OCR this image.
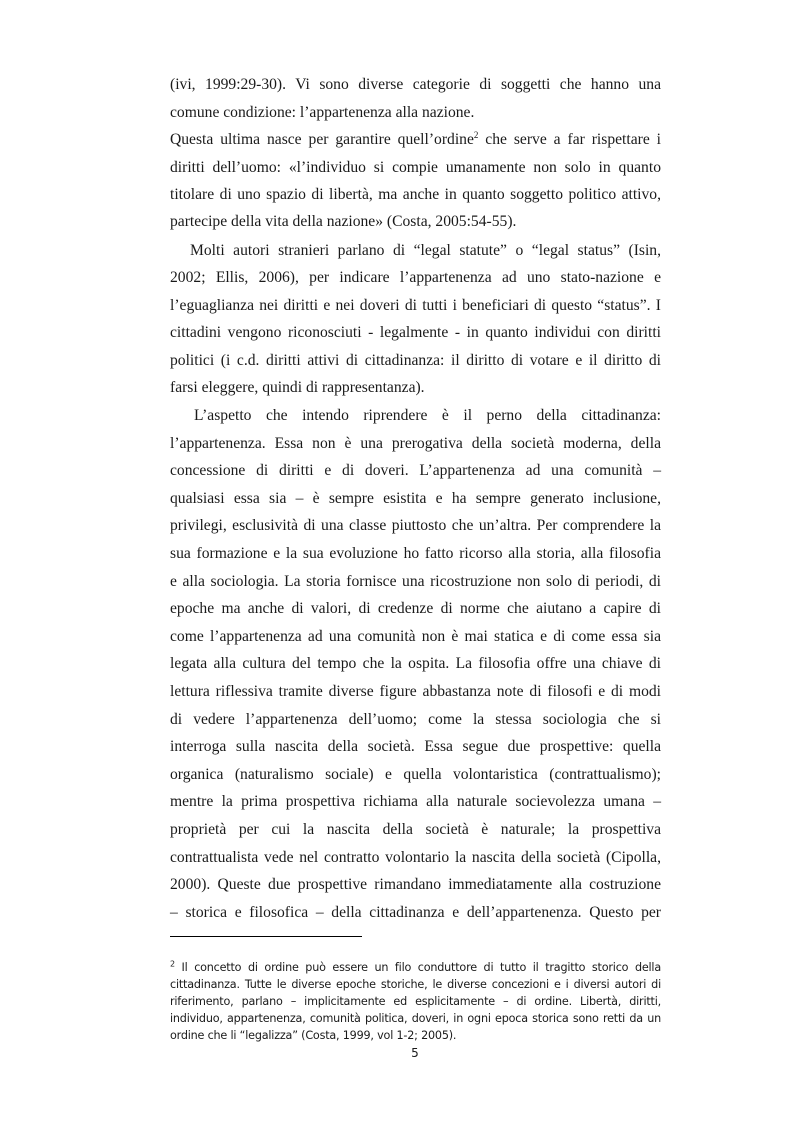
(ivi, 1999:29-30). Vi sono diverse categorie di soggetti che hanno una
comune condizione: l’appartenenza alla nazione.
Questa ultima nasce per garantire quell’ordine$^2$ che serve a far rispettare i
diritti dell’uomo: «l’individuo si compie umanamente non solo in quanto
titolare di uno spazio di libertà, ma anche in quanto soggetto politico attivo,
partecipe della vita della nazione» (Costa, 2005:54-55).
Molti autori stranieri parlano di “legal statute” o “legal status” (Isin,
2002; Ellis, 2006), per indicare l’appartenenza ad uno stato-nazione e
l’eguaglianza nei diritti e nei doveri di tutti i beneficiari di questo “status”. I
cittadini vengono riconosciuti - legalmente - in quanto individui con diritti
politici (i c.d. diritti attivi di cittadinanza: il diritto di votare e il diritto di
farsi eleggere, quindi di rappresentanza).
L’aspetto che intendo riprendere è il perno della cittadinanza:
l’appartenenza. Essa non è una prerogativa della società moderna, della
concessione di diritti e di doveri. L’appartenenza ad una comunità –
qualsiasi essa sia – è sempre esistita e ha sempre generato inclusione,
privilegi, esclusività di una classe piuttosto che un’altra. Per comprendere la
sua formazione e la sua evoluzione ho fatto ricorso alla storia, alla filosofia
e alla sociologia. La storia fornisce una ricostruzione non solo di periodi, di
epoche ma anche di valori, di credenze di norme che aiutano a capire di
come l’appartenenza ad una comunità non è mai statica e di come essa sia
legata alla cultura del tempo che la ospita. La filosofia offre una chiave di
lettura riflessiva tramite diverse figure abbastanza note di filosofi e di modi
di vedere l’appartenenza dell’uomo; come la stessa sociologia che si
interroga sulla nascita della società. Essa segue due prospettive: quella
organica (naturalismo sociale) e quella volontaristica (contrattualismo);
mentre la prima prospettiva richiama alla naturale socievolezza umana –
proprietà per cui la nascita della società è naturale; la prospettiva
contrattualista vede nel contratto volontario la nascita della società (Cipolla,
2000). Queste due prospettive rimandano immediatamente alla costruzione
– storica e filosofica – della cittadinanza e dell’appartenenza. Questo per
$^2$ Il concetto di ordine può essere un filo conduttore di tutto il tragitto storico della
cittadinanza. Tutte le diverse epoche storiche, le diverse concezioni e i diversi autori di
riferimento, parlano – implicitamente ed esplicitamente – di ordine. Libertà, diritti,
individuo, appartenenza, comunità politica, doveri, in ogni epoca storica sono retti da un
ordine che li “legalizza” (Costa, 1999, vol 1-2; 2005).
5
